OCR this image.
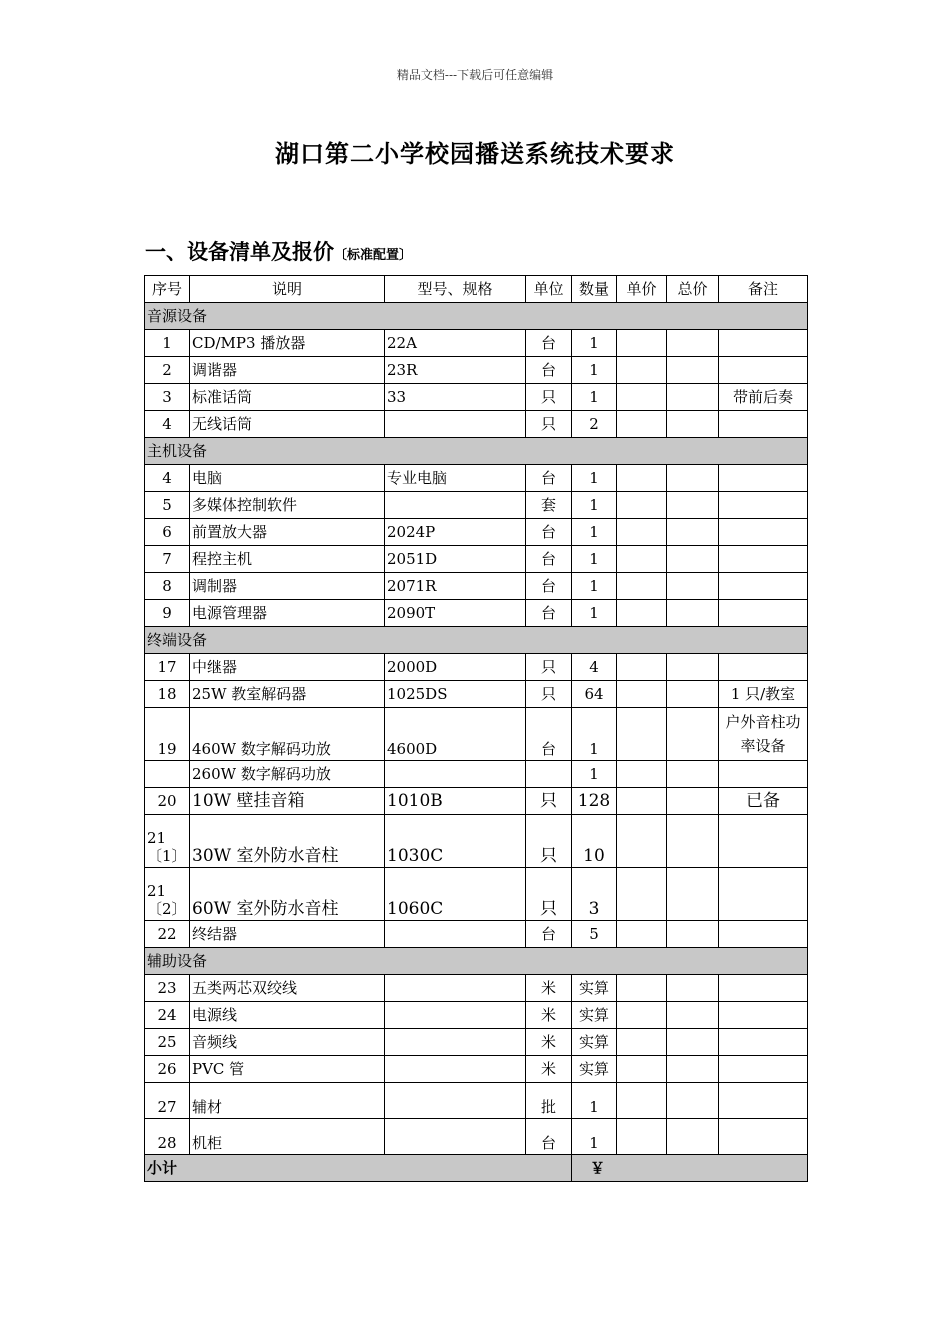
精品文档---下载后可任意编辑
湖口第二小学校园播送系统技术要求
一、设备清单及报价〔标准配置〕
序号	说明	型号、规格	单位	数量	单价	总价	备注
音源设备							
1	CD/MP3 播放器	22A	台	1			
2	调谐器	23R	台	1			
3	标准话筒	33	只	1			带前后奏
4	无线话筒		只	2			
主机设备							
4	电脑	专业电脑	台	1			
5	多媒体控制软件		套	1			
6	前置放大器	2024P	台	1			
7	程控主机	2051D	台	1			
8	调制器	2071R	台	1			
9	电源管理器	2090T	台	1			
终端设备							
17	中继器	2000D	只	4			
18	25W 教室解码器	1025DS	只	64			1 只/教室
19	460W 数字解码功放	4600D	台	1			户外音柱功率设备
	260W 数字解码功放			1			
20	10W 壁挂音箱	1010B	只	128			已备
21〔1〕	30W 室外防水音柱	1030C	只	10			
21〔2〕	60W 室外防水音柱	1060C	只	3			
22	终结器		台	5			
辅助设备							
23	五类两芯双绞线		米	实算			
24	电源线		米	实算			
25	音频线		米	实算			
26	PVC 管		米	实算			
27	辅材		批	1			
28	机柜		台	1			
小计				￥			
